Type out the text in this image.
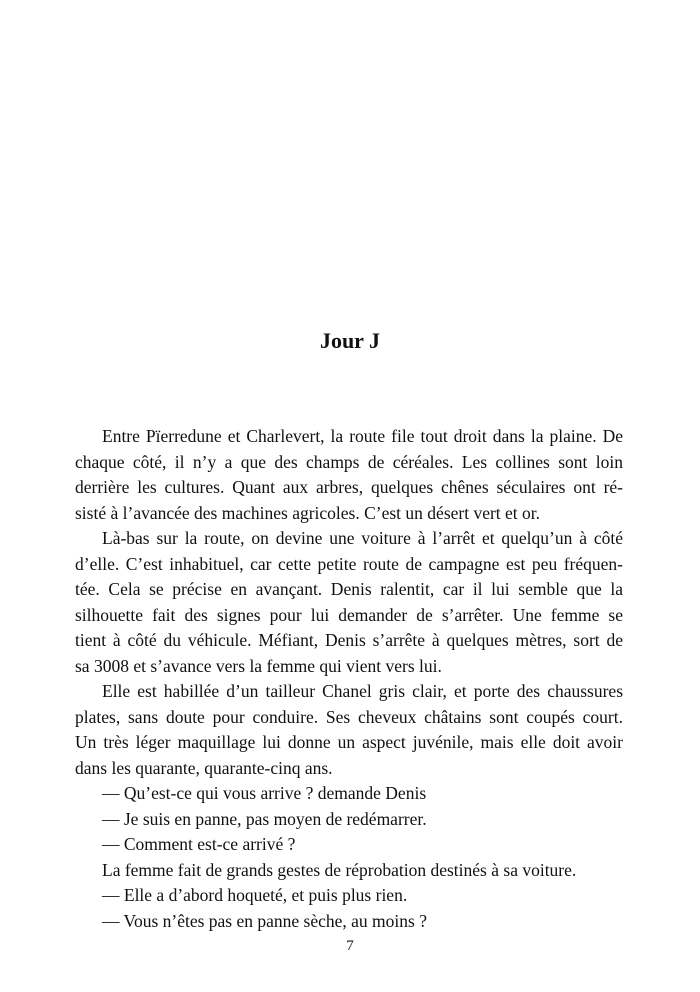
Jour J
Entre Pïerredune et Charlevert, la route file tout droit dans la plaine. De
chaque côté, il n’y a que des champs de céréales. Les collines sont loin
derrière les cultures. Quant aux arbres, quelques chênes séculaires ont ré-
sisté à l’avancée des machines agricoles. C’est un désert vert et or.
Là-bas sur la route, on devine une voiture à l’arrêt et quelqu’un à côté
d’elle. C’est inhabituel, car cette petite route de campagne est peu fréquen-
tée. Cela se précise en avançant. Denis ralentit, car il lui semble que la
silhouette fait des signes pour lui demander de s’arrêter. Une femme se
tient à côté du véhicule. Méfiant, Denis s’arrête à quelques mètres, sort de
sa 3008 et s’avance vers la femme qui vient vers lui.
Elle est habillée d’un tailleur Chanel gris clair, et porte des chaussures
plates, sans doute pour conduire. Ses cheveux châtains sont coupés court.
Un très léger maquillage lui donne un aspect juvénile, mais elle doit avoir
dans les quarante, quarante-cinq ans.

— Qu’est-ce qui vous arrive ? demande Denis

— Je suis en panne, pas moyen de redémarrer.

— Comment est-ce arrivé ?

La femme fait de grands gestes de réprobation destinés à sa voiture.

— Elle a d’abord hoqueté, et puis plus rien.

— Vous n’êtes pas en panne sèche, au moins ?

7
